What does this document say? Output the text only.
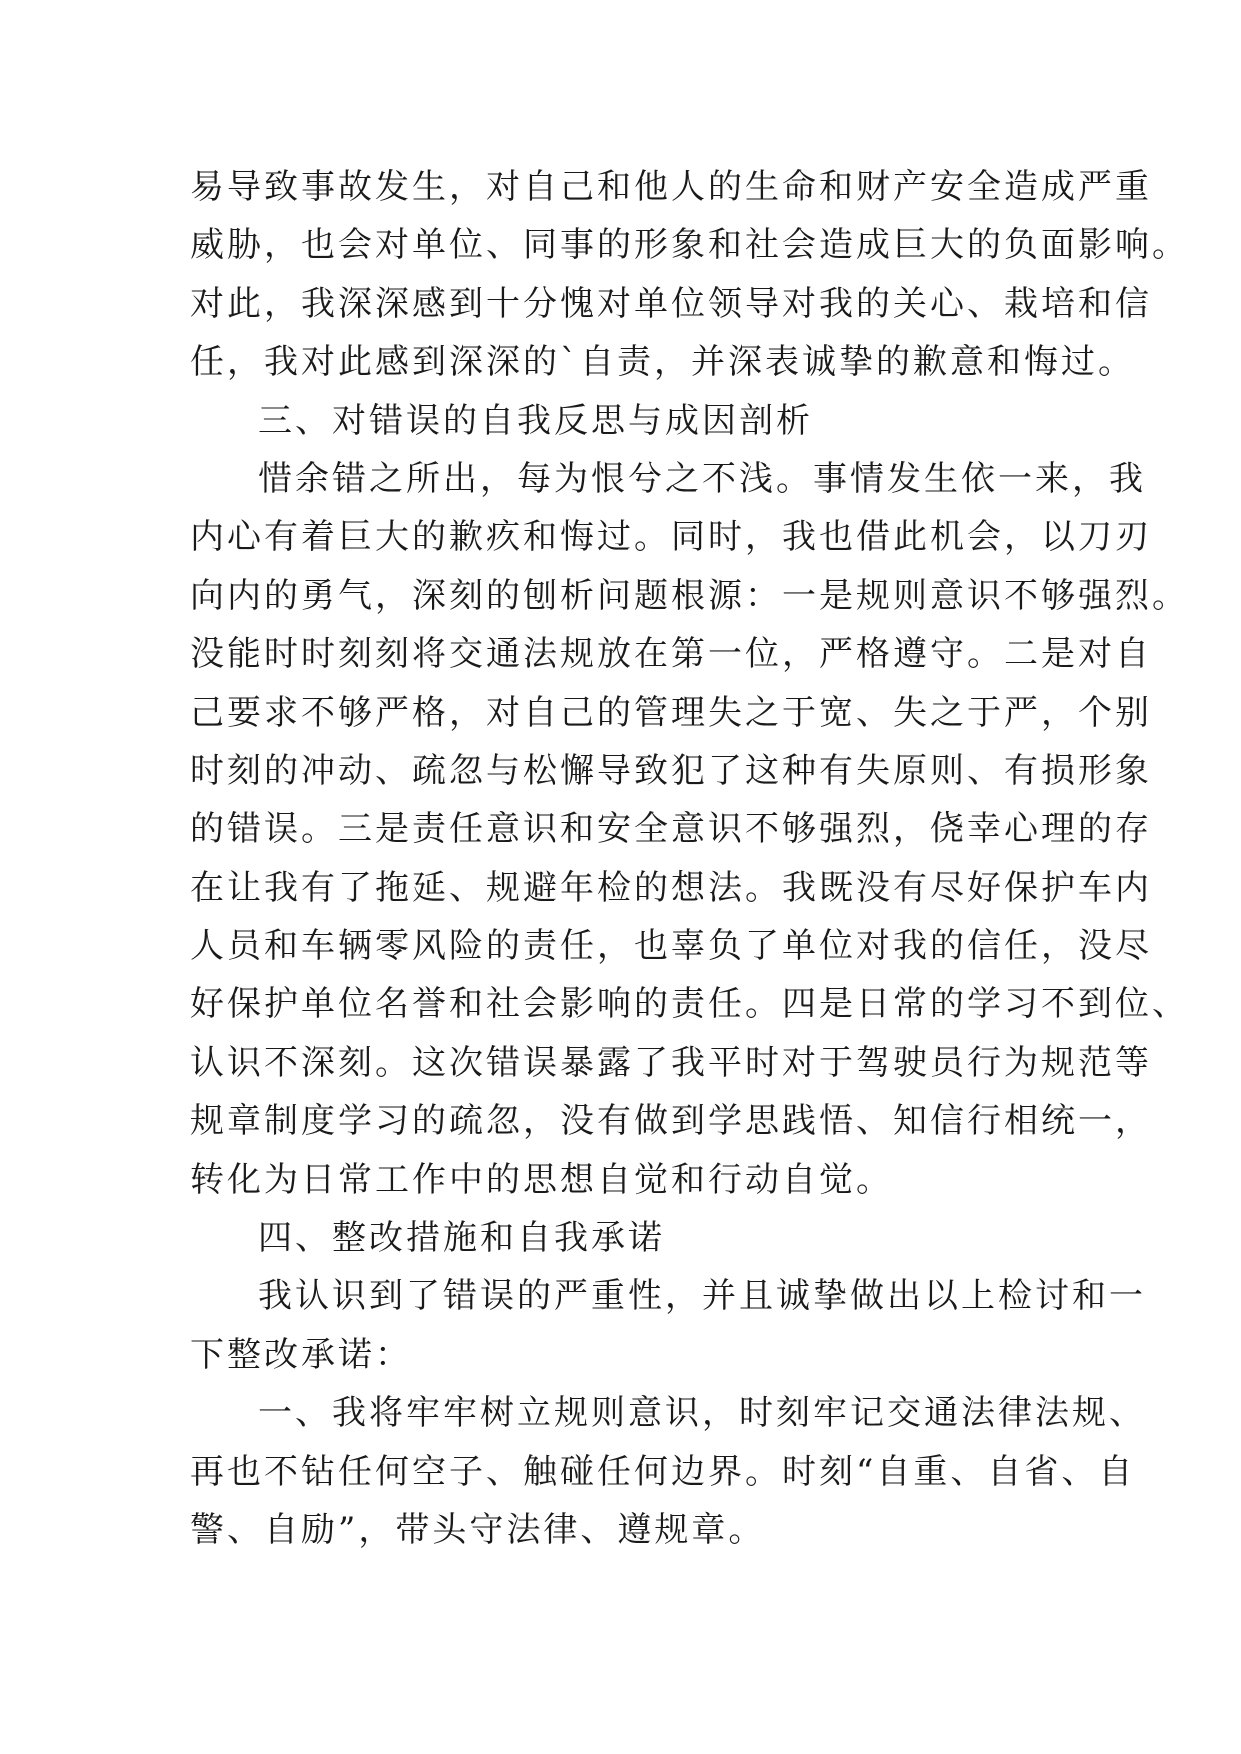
易导致事故发生，对自己和他人的生命和财产安全造成严重
威胁，也会对单位、同事的形象和社会造成巨大的负面影响。
对此，我深深感到十分愧对单位领导对我的关心、栽培和信
任，我对此感到深深的`自责，并深表诚挚的歉意和悔过。
三、对错误的自我反思与成因剖析
惜余错之所出，每为恨兮之不浅。事情发生依一来，我
内心有着巨大的歉疚和悔过。同时，我也借此机会，以刀刃
向内的勇气，深刻的刨析问题根源：一是规则意识不够强烈。
没能时时刻刻将交通法规放在第一位，严格遵守。二是对自
己要求不够严格，对自己的管理失之于宽、失之于严，个别
时刻的冲动、疏忽与松懈导致犯了这种有失原则、有损形象
的错误。三是责任意识和安全意识不够强烈，侥幸心理的存
在让我有了拖延、规避年检的想法。我既没有尽好保护车内
人员和车辆零风险的责任，也辜负了单位对我的信任，没尽
好保护单位名誉和社会影响的责任。四是日常的学习不到位、
认识不深刻。这次错误暴露了我平时对于驾驶员行为规范等
规章制度学习的疏忽，没有做到学思践悟、知信行相统一，
转化为日常工作中的思想自觉和行动自觉。
四、整改措施和自我承诺
我认识到了错误的严重性，并且诚挚做出以上检讨和一
下整改承诺：
一、我将牢牢树立规则意识，时刻牢记交通法律法规、
再也不钻任何空子、触碰任何边界。时刻“自重、自省、自
警、自励”，带头守法律、遵规章。
